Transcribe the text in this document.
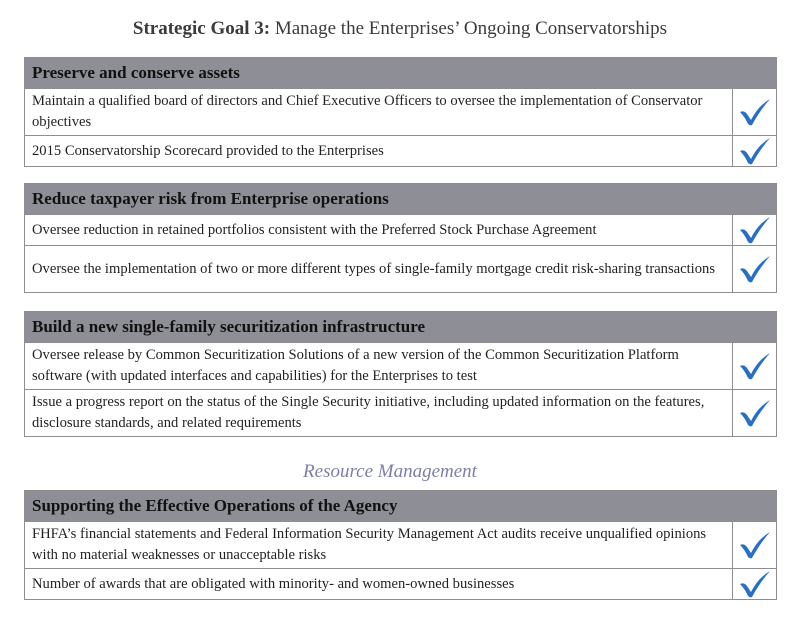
Strategic Goal 3: Manage the Enterprises’ Ongoing Conservatorships
Preserve and conserve assets	
Maintain a qualified board of directors and Chief Executive Officers to oversee the implementation of Conservator objectives	

2015 Conservatorship Scorecard provided to the Enterprises	
Reduce taxpayer risk from Enterprise operations	
Oversee reduction in retained portfolios consistent with the Preferred Stock Purchase Agreement	

Oversee the implementation of two or more different types of single-family mortgage credit risk-sharing transactions	
Build a new single-family securitization infrastructure	
Oversee release by Common Securitization Solutions of a new version of the Common Securitization Platform software (with updated interfaces and capabilities) for the Enterprises to test	

Issue a progress report on the status of the Single Security initiative, including updated information on the features, disclosure standards, and related requirements	
Resource Management
Supporting the Effective Operations of the Agency	
FHFA’s financial statements and Federal Information Security Management Act audits receive unqualified opinions with no material weaknesses or unacceptable risks	

Number of awards that are obligated with minority- and women-owned businesses	
